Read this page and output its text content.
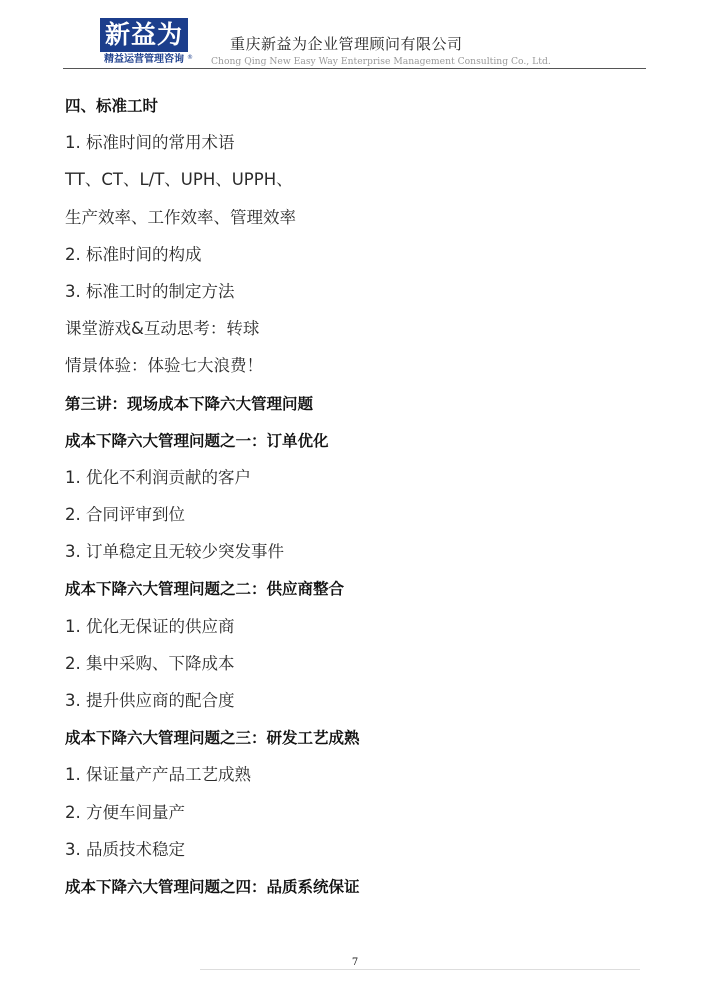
新益为
精益运营管理咨询 ®
重庆新益为企业管理顾问有限公司
Chong Qing New Easy Way Enterprise Management Consulting Co., Ltd.
四、标准工时
1. 标准时间的常用术语
TT、CT、L/T、UPH、UPPH、
生产效率、工作效率、管理效率
2. 标准时间的构成
3. 标准工时的制定方法
课堂游戏&互动思考：转球
情景体验：体验七大浪费！
第三讲：现场成本下降六大管理问题
成本下降六大管理问题之一：订单优化
1. 优化不利润贡献的客户
2. 合同评审到位
3. 订单稳定且无较少突发事件
成本下降六大管理问题之二：供应商整合
1. 优化无保证的供应商
2. 集中采购、下降成本
3. 提升供应商的配合度
成本下降六大管理问题之三：研发工艺成熟
1. 保证量产产品工艺成熟
2. 方便车间量产
3. 品质技术稳定
成本下降六大管理问题之四：品质系统保证
7
